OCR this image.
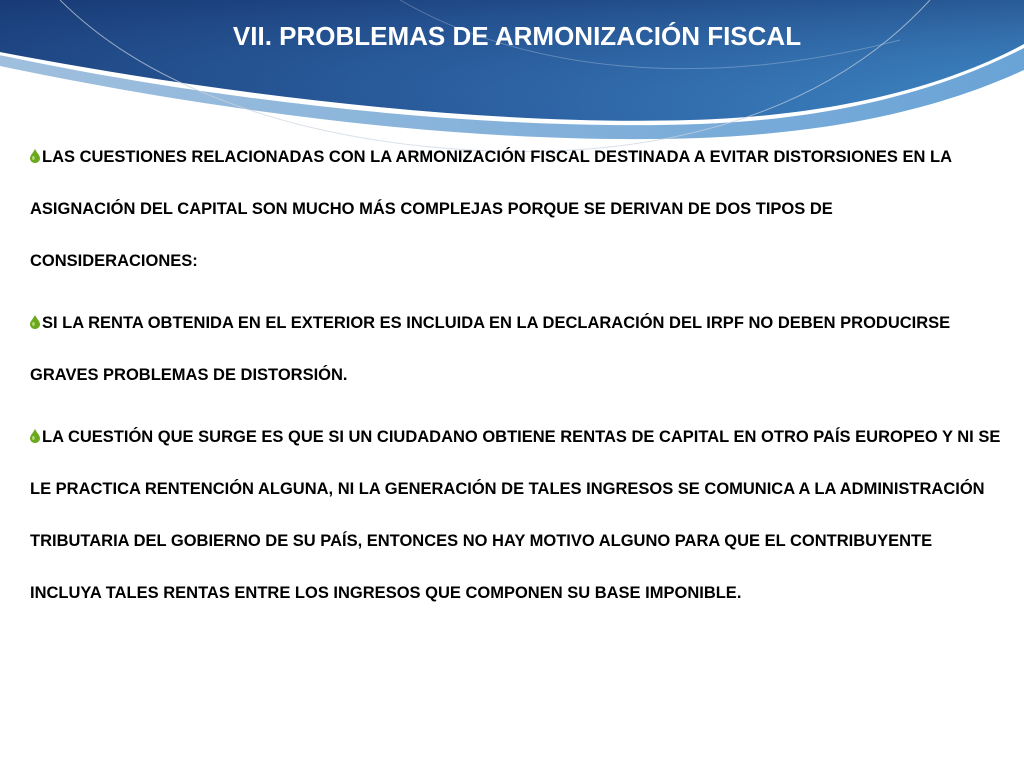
VII. PROBLEMAS DE ARMONIZACIÓN FISCAL

LAS CUESTIONES RELACIONADAS CON LA ARMONIZACIÓN FISCAL DESTINADA A EVITAR DISTORSIONES EN LA ASIGNACIÓN DEL CAPITAL SON MUCHO MÁS COMPLEJAS PORQUE SE DERIVAN DE DOS TIPOS DE CONSIDERACIONES:

SI LA RENTA OBTENIDA EN EL EXTERIOR ES INCLUIDA EN LA DECLARACIÓN DEL IRPF NO DEBEN PRODUCIRSE GRAVES PROBLEMAS DE DISTORSIÓN.

LA CUESTIÓN QUE SURGE ES QUE SI UN CIUDADANO OBTIENE RENTAS DE CAPITAL EN OTRO PAÍS EUROPEO Y NI SE LE PRACTICA RENTENCIÓN ALGUNA, NI LA GENERACIÓN DE TALES INGRESOS SE COMUNICA A LA ADMINISTRACIÓN TRIBUTARIA DEL GOBIERNO DE SU PAÍS, ENTONCES NO HAY MOTIVO ALGUNO PARA QUE EL CONTRIBUYENTE INCLUYA TALES RENTAS ENTRE LOS INGRESOS QUE COMPONEN SU BASE IMPONIBLE.
